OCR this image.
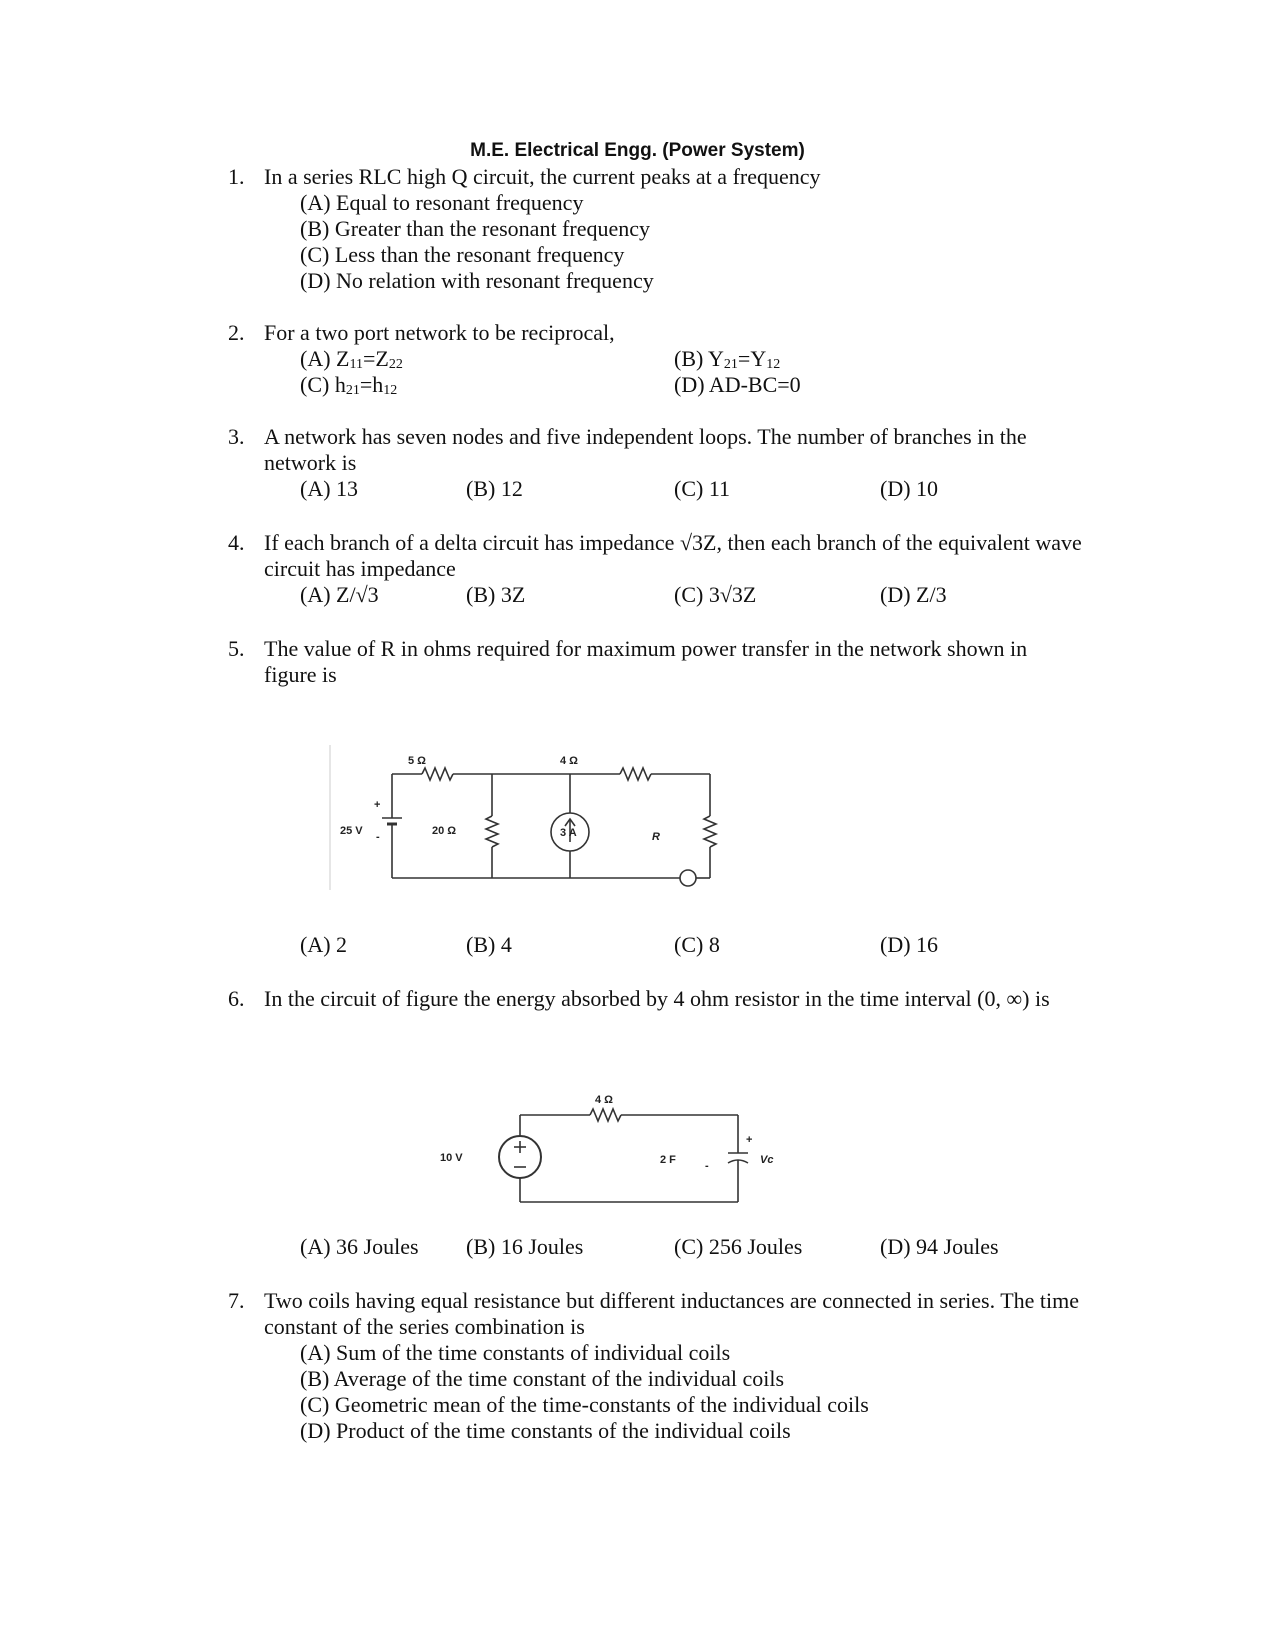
M.E. Electrical Engg. (Power System)
1. In a series RLC high Q circuit, the current peaks at a frequency
(A) Equal to resonant frequency
(B) Greater than the resonant frequency
(C) Less than the resonant frequency
(D) No relation with resonant frequency
2. For a two port network to be reciprocal,
(A) $Z_{11}=Z_{22}$	(B) $Y_{21}=Y_{12}$
(C) $h_{21}=h_{12}$	(D) AD-BC=0
3. A network has seven nodes and five independent loops. The number of branches in the network is
(A) 13	(B) 12	(C) 11	(D) 10
4. If each branch of a delta circuit has impedance √3Z, then each branch of the equivalent wave circuit has impedance
(A) Z/√3	(B) 3Z	(C) 3√3Z	(D) Z/3
5. The value of R in ohms required for maximum power transfer in the network shown in figure is
5 Ω	4 Ω
25 V	20 Ω	3 A	R
+
-
(A) 2	(B) 4	(C) 8	(D) 16
6. In the circuit of figure the energy absorbed by 4 ohm resistor in the time interval (0, ∞) is
4 Ω
10 V	2 F	Vc
+
-
(A) 36 Joules (B) 16 Joules	(C) 256 Joules	(D) 94 Joules
7. Two coils having equal resistance but different inductances are connected in series. The time constant of the series combination is
(A) Sum of the time constants of individual coils
(B) Average of the time constant of the individual coils
(C) Geometric mean of the time-constants of the individual coils
(D) Product of the time constants of the individual coils
